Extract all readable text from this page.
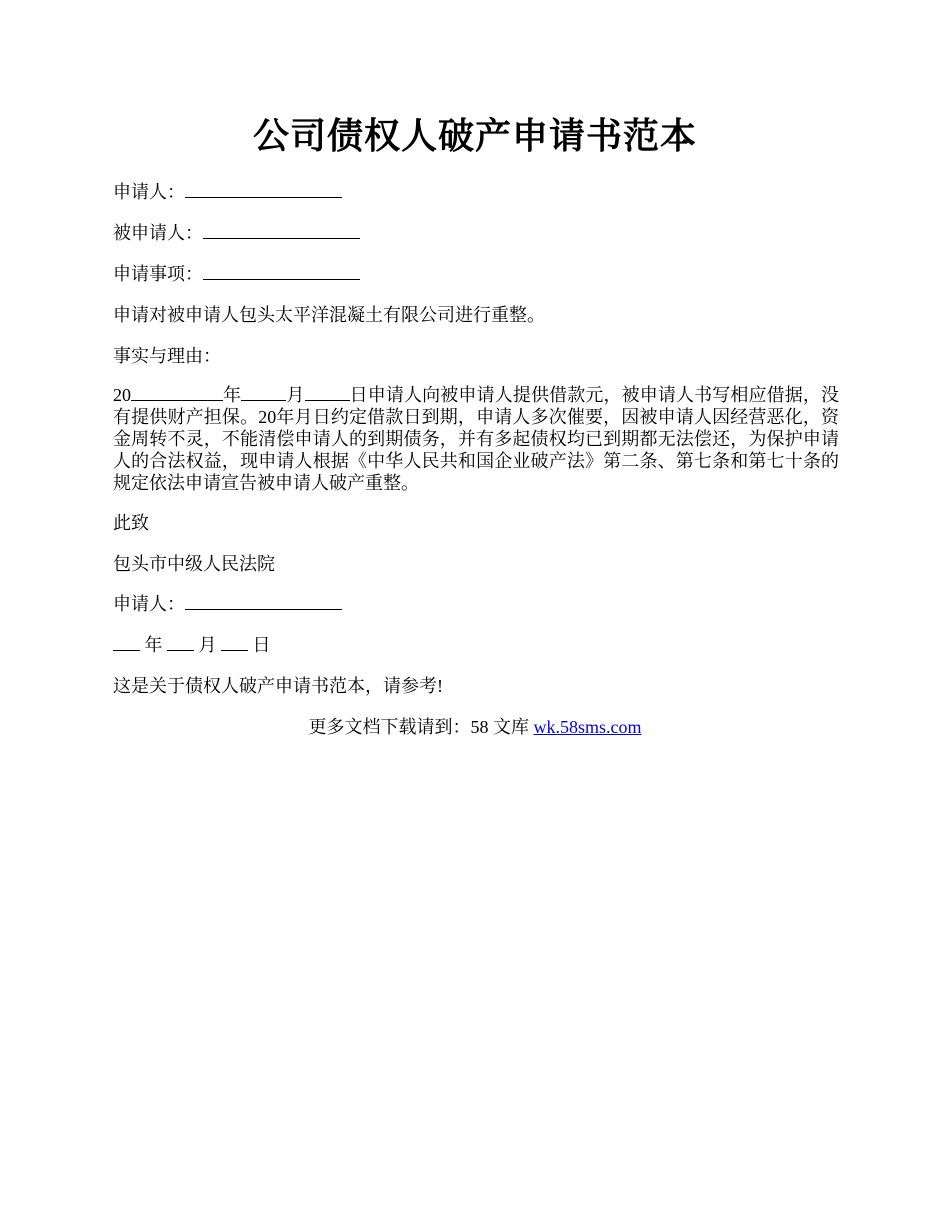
公司债权人破产申请书范本
申请人：
被申请人：
申请事项：
申请对被申请人包头太平洋混凝土有限公司进行重整。
事实与理由：
20	年	月	日申请人向被申请人提供借款元，被申请人书写相应借据，没有提供财产担保。20年月日约定借款日到期，申请人多次催要，因被申请人因经营恶化，资金周转不灵，不能清偿申请人的到期债务，并有多起债权均已到期都无法偿还，为保护申请人的合法权益，现申请人根据《中华人民共和国企业破产法》第二条、第七条和第七十条的规定依法申请宣告被申请人破产重整。
此致
包头市中级人民法院
申请人：
年 月 日
这是关于债权人破产申请书范本，请参考!
更多文档下载请到：58 文库 wk.58sms.com
